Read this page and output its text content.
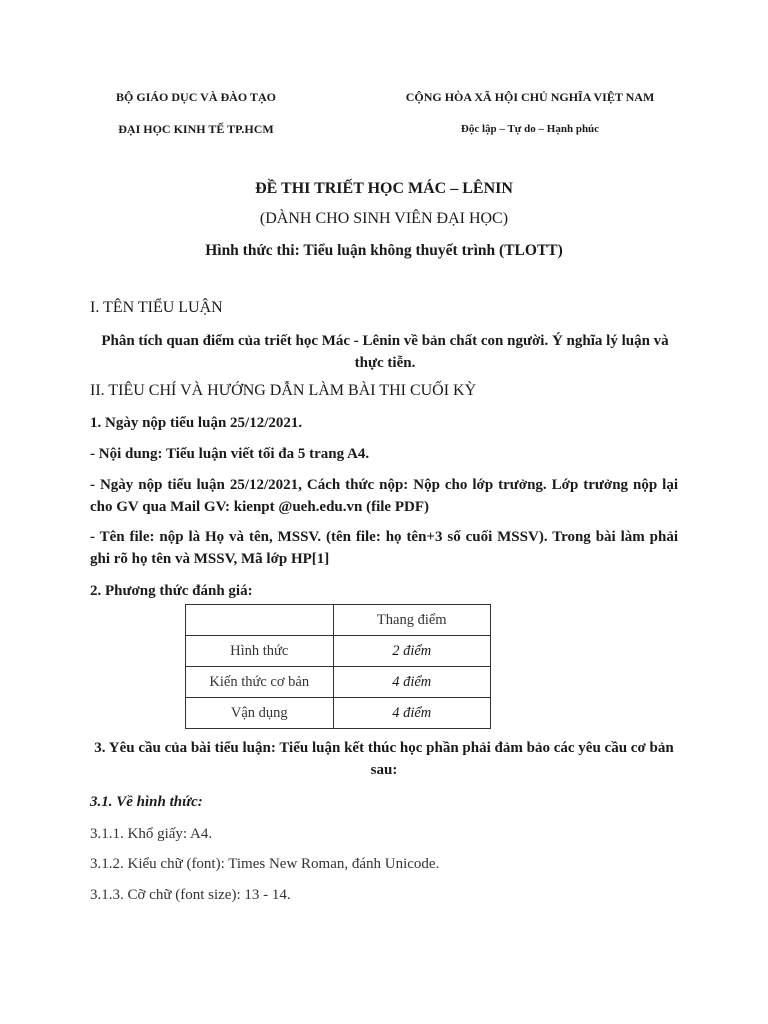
BỘ GIÁO DỤC VÀ ĐÀO TẠO
ĐẠI HỌC KINH TẾ TP.HCM
CỘNG HÒA XÃ HỘI CHỦ NGHĨA VIỆT NAM
Độc lập – Tự do – Hạnh phúc
ĐỀ THI TRIẾT HỌC MÁC – LÊNIN
(DÀNH CHO SINH VIÊN ĐẠI HỌC)
Hình thức thi: Tiểu luận không thuyết trình (TLOTT)
I. TÊN TIỂU LUẬN
Phân tích quan điểm của triết học Mác - Lênin về bản chất con người. Ý nghĩa lý luận và thực tiễn.
II. TIÊU CHÍ VÀ HƯỚNG DẪN LÀM BÀI THI CUỐI KỲ
1. Ngày nộp tiểu luận 25/12/2021.
- Nội dung: Tiểu luận viết tối đa 5 trang A4.
- Ngày nộp tiểu luận 25/12/2021, Cách thức nộp: Nộp cho lớp trưởng. Lớp trưởng nộp lại cho GV qua Mail GV: kienpt @ueh.edu.vn (file PDF)
- Tên file: nộp là Họ và tên, MSSV. (tên file: họ tên+3 số cuối MSSV). Trong bài làm phải ghi rõ họ tên và MSSV, Mã lớp HP[1]
2. Phương thức đánh giá:
	Thang điểm
Hình thức	2 điểm
Kiến thức cơ bản	4 điểm
Vận dụng	4 điểm
3. Yêu cầu của bài tiểu luận: Tiểu luận kết thúc học phần phải đảm bảo các yêu cầu cơ bản sau:
3.1. Về hình thức:
3.1.1. Khổ giấy: A4.
3.1.2. Kiểu chữ (font): Times New Roman, đánh Unicode.
3.1.3. Cỡ chữ (font size): 13 - 14.
